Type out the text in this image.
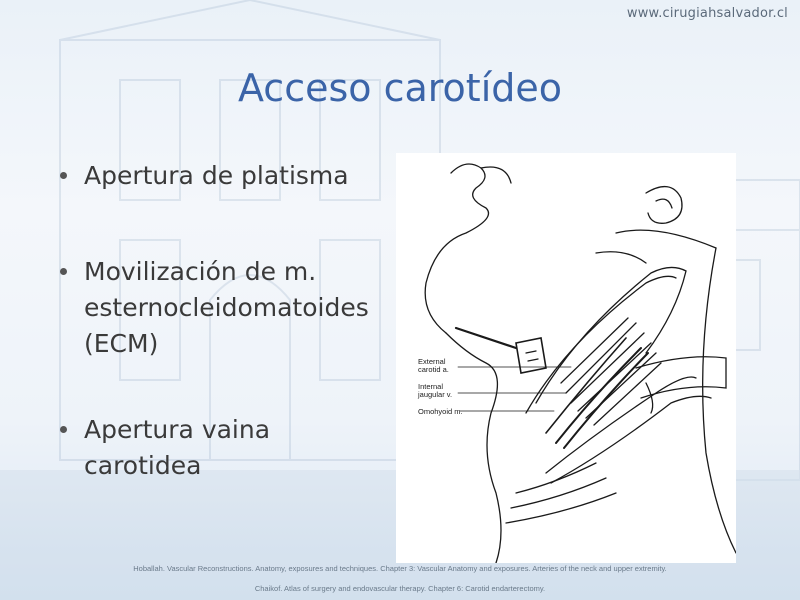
www.cirugiahsalvador.cl
Acceso carotídeo
Apertura de platisma
Movilización de m.
esternocleidomatoides
(ECM)
Apertura vaina
carotidea
External
carotid a.
Internal
jaugular v.
Omohyoid m.
Hoballah. Vascular Reconstructions. Anatomy, exposures and techniques. Chapter 3: Vascular Anatomy and exposures. Arteries of the neck and upper extremity.
Chaikof. Atlas of surgery and endovascular therapy. Chapter 6: Carotid endarterectomy.
